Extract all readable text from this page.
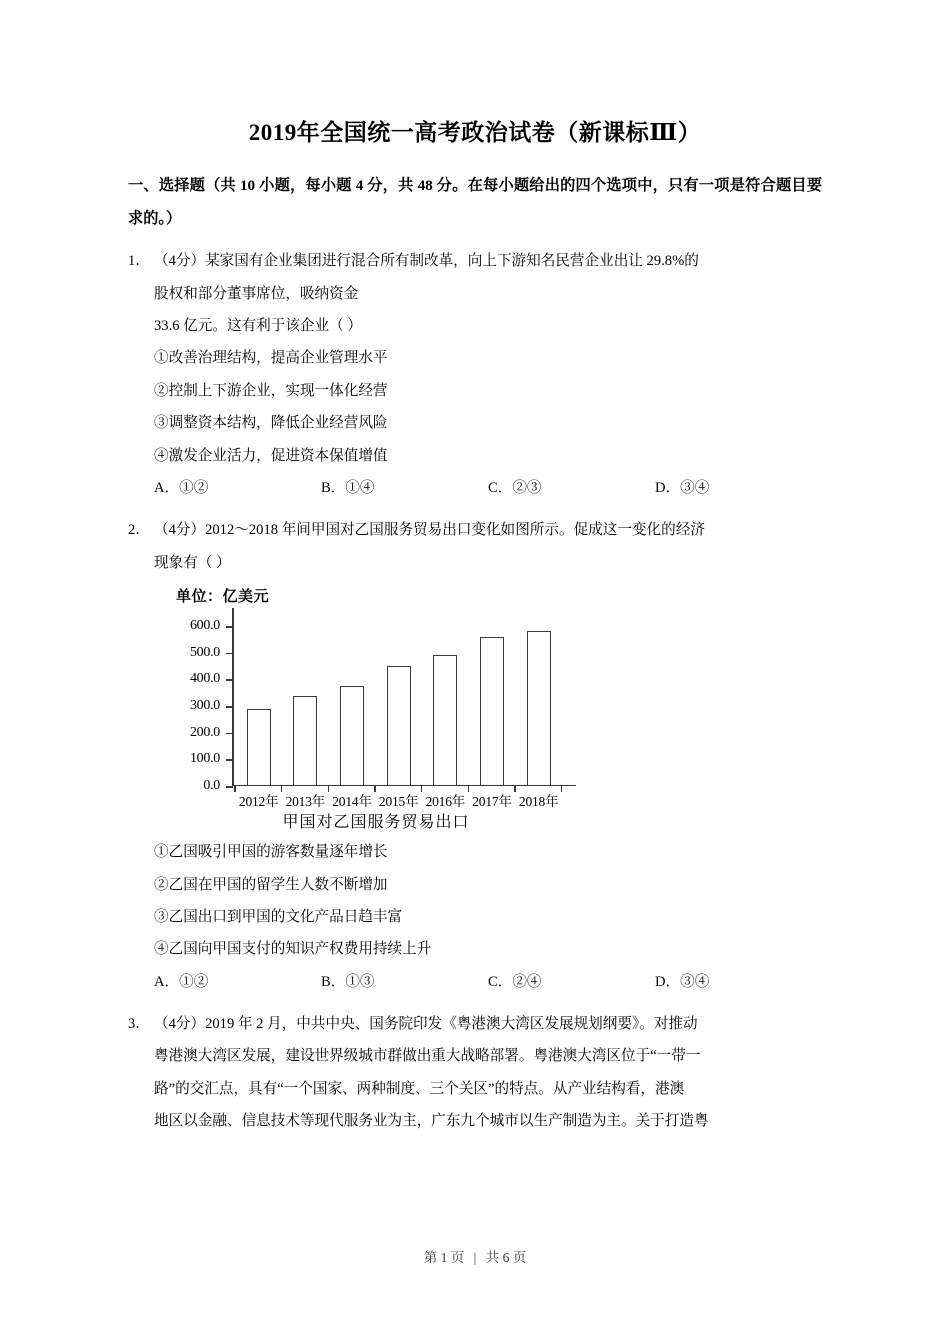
2019年全国统一高考政治试卷（新课标Ⅲ）
一、选择题（共 10 小题，每小题 4 分，共 48 分。在每小题给出的四个选项中，只有一项是符合题目要求的。）
1． （4分）某家国有企业集团进行混合所有制改革，向上下游知名民营企业出让 29.8%的
股权和部分董事席位，吸纳资金
33.6 亿元。这有利于该企业（ ）
①改善治理结构，提高企业管理水平
②控制上下游企业，实现一体化经营
③调整资本结构，降低企业经营风险
④激发企业活力，促进资本保值增值
A．①②	B．①④	C．②③	D．③④
2． （4分）2012～2018 年间甲国对乙国服务贸易出口变化如图所示。促成这一变化的经济
现象有（ ）
单位：亿美元
600.0
500.0
400.0
300.0
200.0
100.0
0.0
2012年 2013年 2014年 2015年 2016年 2017年 2018年
甲国对乙国服务贸易出口
①乙国吸引甲国的游客数量逐年增长
②乙国在甲国的留学生人数不断增加
③乙国出口到甲国的文化产品日趋丰富
④乙国向甲国支付的知识产权费用持续上升
A．①②	B．①③	C．②④	D．③④
3． （4分）2019 年 2 月，中共中央、国务院印发《粤港澳大湾区发展规划纲要》。对推动
粤港澳大湾区发展，建设世界级城市群做出重大战略部署。粤港澳大湾区位于“一带一
路”的交汇点，具有“一个国家、两种制度、三个关区”的特点。从产业结构看，港澳
地区以金融、信息技术等现代服务业为主，广东九个城市以生产制造为主。关于打造粤
第 1 页 | 共 6 页
